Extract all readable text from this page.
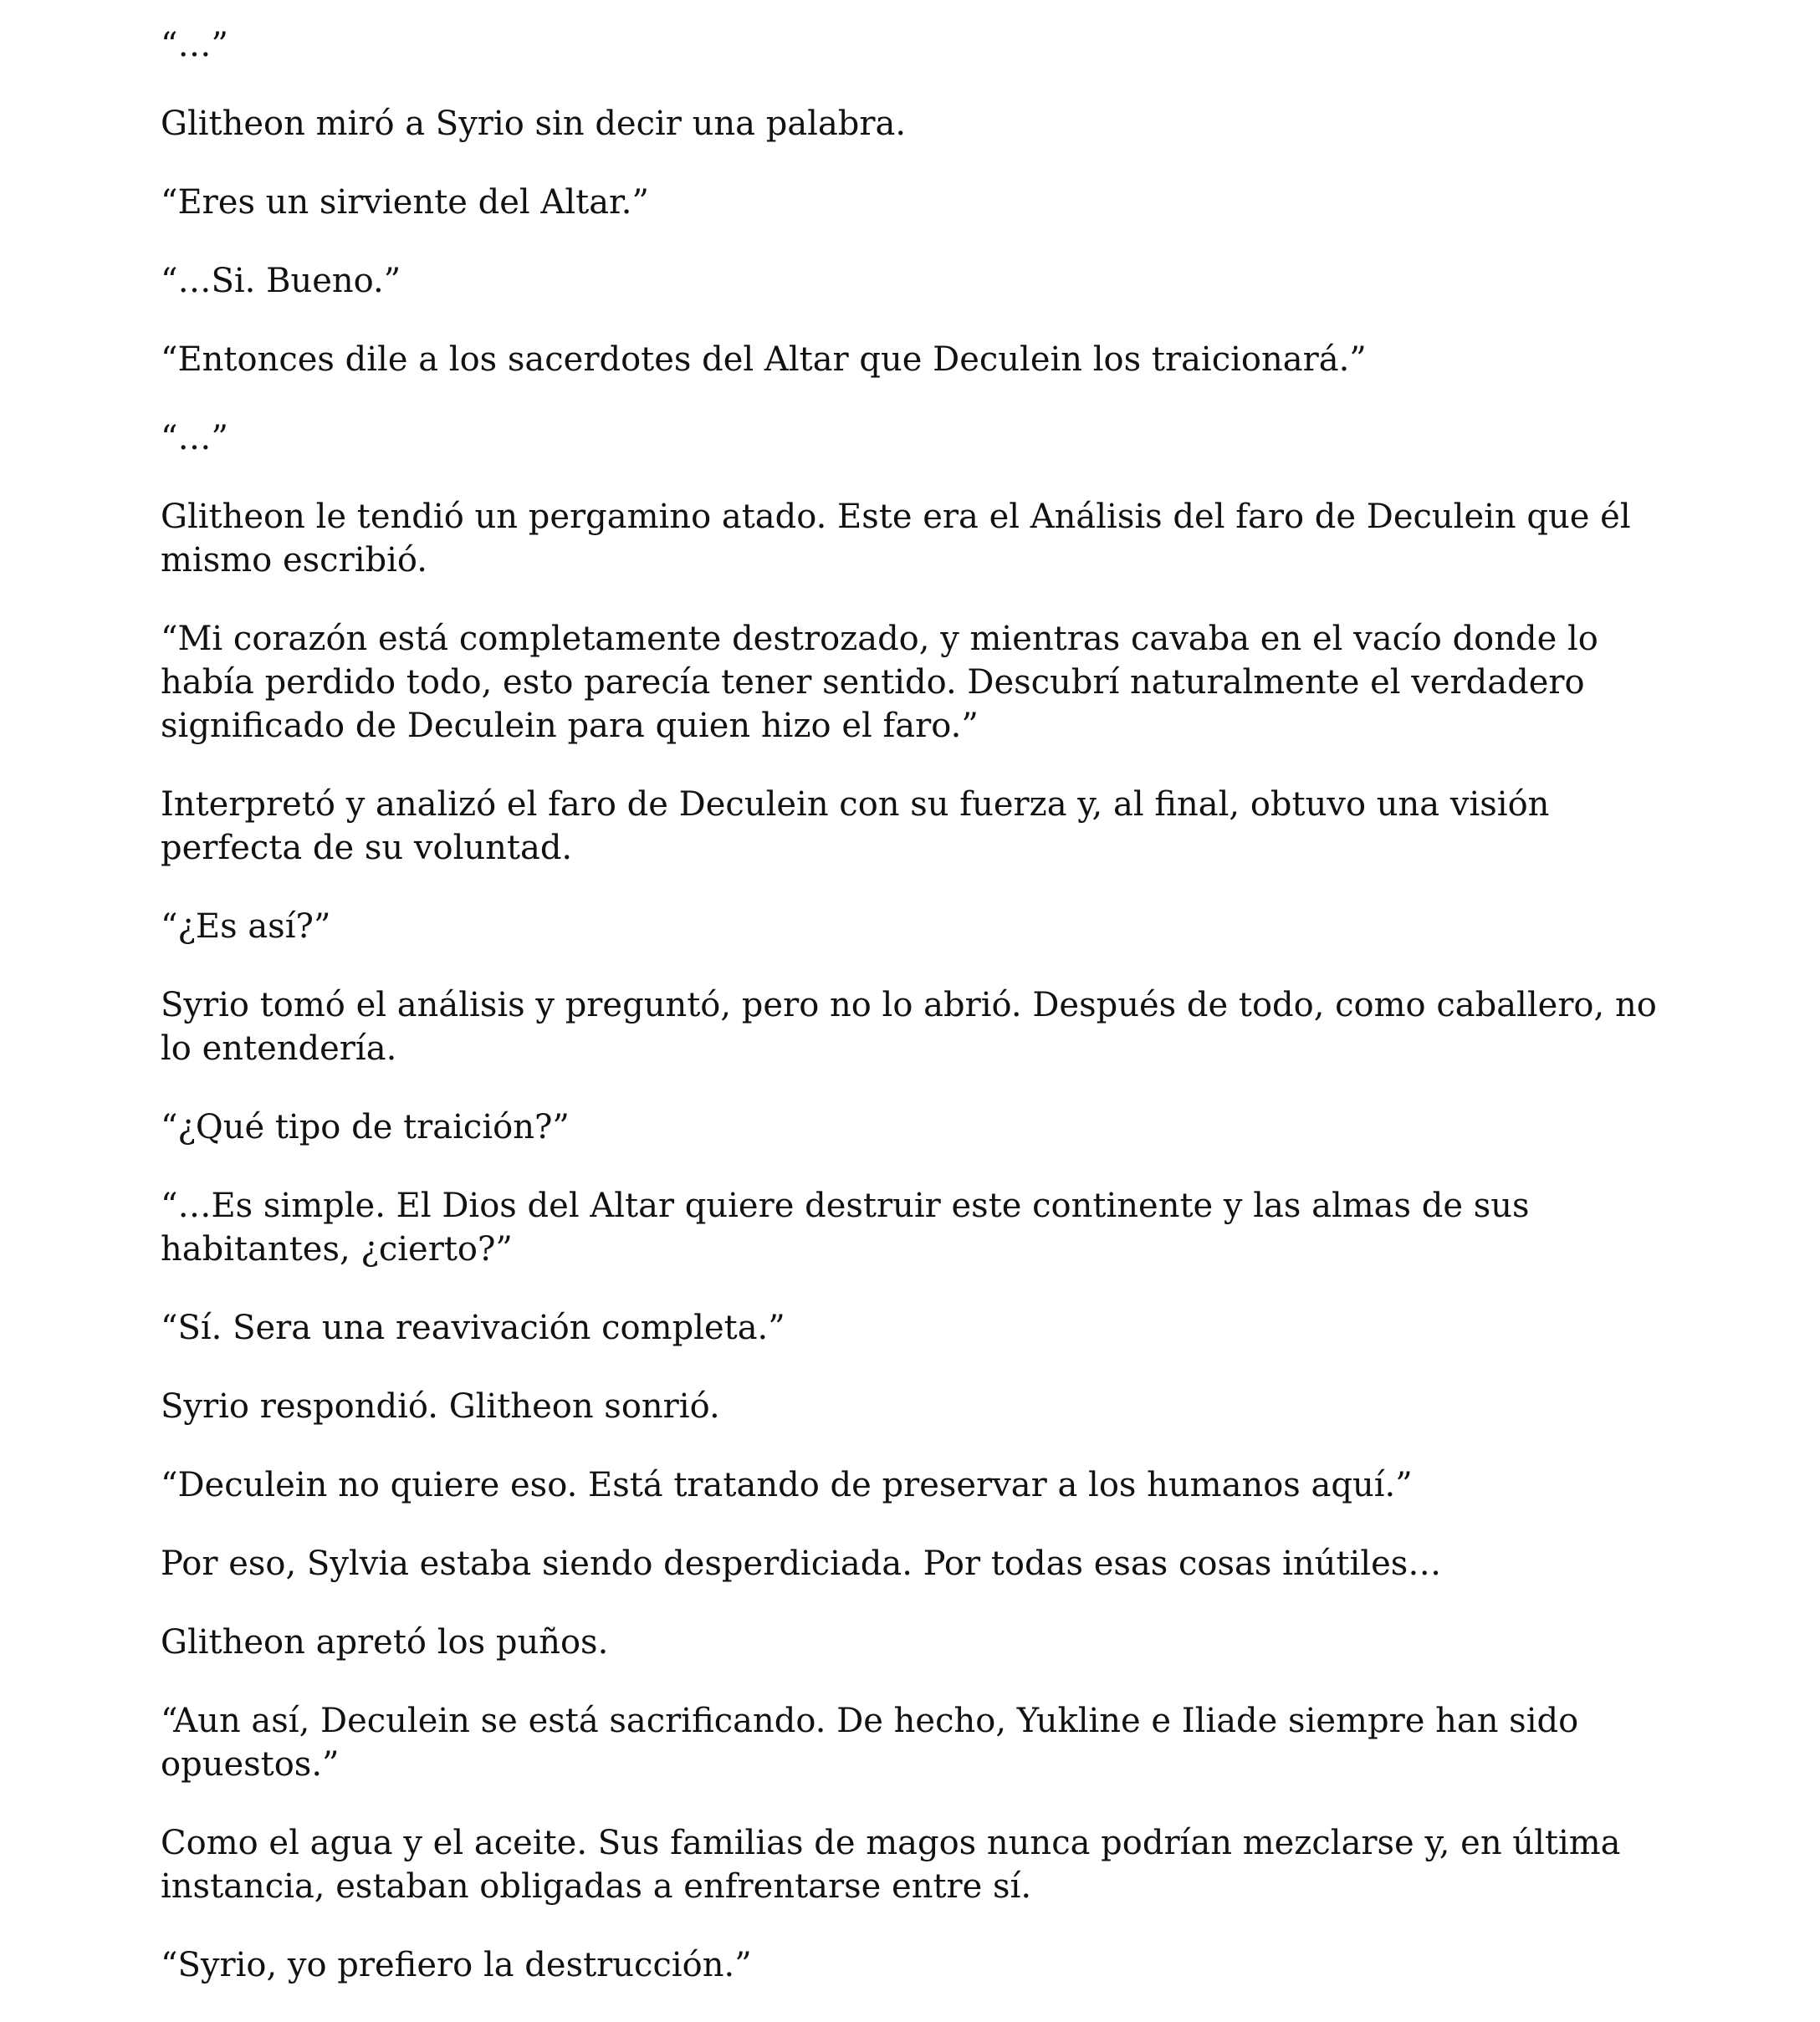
“…”

Glitheon miró a Syrio sin decir una palabra.

“Eres un sirviente del Altar.”

“…Si. Bueno.”

“Entonces dile a los sacerdotes del Altar que Deculein los traicionará.”

“…”

Glitheon le tendió un pergamino atado. Este era el Análisis del faro de Deculein que él mismo escribió.

“Mi corazón está completamente destrozado, y mientras cavaba en el vacío donde lo había perdido todo, esto parecía tener sentido. Descubrí naturalmente el verdadero significado de Deculein para quien hizo el faro.”

Interpretó y analizó el faro de Deculein con su fuerza y, al final, obtuvo una visión perfecta de su voluntad.

“¿Es así?”

Syrio tomó el análisis y preguntó, pero no lo abrió. Después de todo, como caballero, no lo entendería.

“¿Qué tipo de traición?”

“…Es simple. El Dios del Altar quiere destruir este continente y las almas de sus habitantes, ¿cierto?”

“Sí. Sera una reavivación completa.”

Syrio respondió. Glitheon sonrió.

“Deculein no quiere eso. Está tratando de preservar a los humanos aquí.”

Por eso, Sylvia estaba siendo desperdiciada. Por todas esas cosas inútiles…

Glitheon apretó los puños.

“Aun así, Deculein se está sacrificando. De hecho, Yukline e Iliade siempre han sido opuestos.”

Como el agua y el aceite. Sus familias de magos nunca podrían mezclarse y, en última instancia, estaban obligadas a enfrentarse entre sí.

“Syrio, yo prefiero la destrucción.”
